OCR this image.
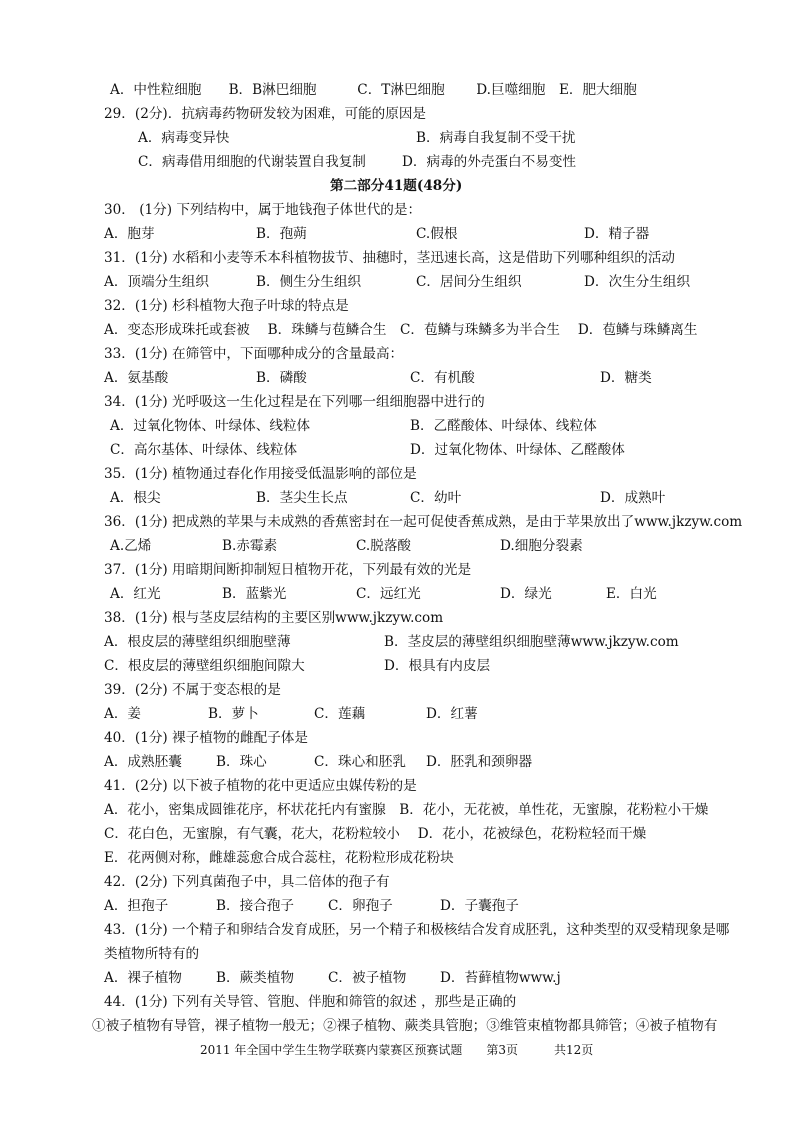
A．中性粒细胞　　B．B淋巴细胞　　　C．T淋巴细胞　　 D.巨噬细胞　E．肥大细胞
29．(2分)．抗病毒药物研发较为困难，可能的原因是
A．病毒变异快	B．病毒自我复制不受干扰
C．病毒借用细胞的代谢装置自我复制	D．病毒的外壳蛋白不易变性
第二部分41题(48分)
30． (1分) 下列结构中，属于地钱孢子体世代的是：
A．胞芽	B．孢蒴	C.假根	D．精子器
31．(1分) 水稻和小麦等禾本科植物拔节、抽穗时，茎迅速长高，这是借助下列哪种组织的活动
A．顶端分生组织	B．侧生分生组织	C．居间分生组织	D．次生分生组织
32．(1分) 杉科植物大孢子叶球的特点是
A．变态形成珠托或套被　 B．珠鳞与苞鳞合生　C．苞鳞与珠鳞多为半合生　 D．苞鳞与珠鳞离生
33．(1分) 在筛管中，下面哪种成分的含量最高：
A．氨基酸	B．磷酸	C．有机酸	D．糖类
34．(1分) 光呼吸这一生化过程是在下列哪一组细胞器中进行的
A．过氧化物体、叶绿体、线粒体	B．乙醛酸体、叶绿体、线粒体
C．高尔基体、叶绿体、线粒体	D．过氧化物体、叶绿体、乙醛酸体
35．(1分) 植物通过春化作用接受低温影响的部位是
A．根尖	B．茎尖生长点	C．幼叶	D．成熟叶
36．(1分) 把成熟的苹果与未成熟的香蕉密封在一起可促使香蕉成熟，是由于苹果放出了www.jkzyw.com
A.乙烯	B.赤霉素	C.脱落酸	D.细胞分裂素
37．(1分) 用暗期间断抑制短日植物开花，下列最有效的光是
A．红光	B．蓝紫光	C．远红光	D．绿光	E．白光
38．(1分) 根与茎皮层结构的主要区别www.jkzyw.com
A．根皮层的薄壁组织细胞壁薄	B．茎皮层的薄壁组织细胞壁薄www.jkzyw.com
C．根皮层的薄壁组织细胞间隙大	D．根具有内皮层
39．(2分) 不属于变态根的是
A．姜	B．萝卜	C．莲藕	D．红薯
40．(1分) 裸子植物的雌配子体是
A．成熟胚囊	B．珠心	C．珠心和胚乳 D．胚乳和颈卵器
41．(2分) 以下被子植物的花中更适应虫媒传粉的是
A．花小，密集成圆锥花序，杯状花托内有蜜腺　B．花小，无花被，单性花，无蜜腺，花粉粒小干燥
C．花白色，无蜜腺，有气囊，花大，花粉粒较小　 D．花小，花被绿色，花粉粒轻而干燥
E．花两侧对称，雌雄蕊愈合成合蕊柱，花粉粒形成花粉块
42．(2分) 下列真菌孢子中，具二倍体的孢子有
A．担孢子	B．接合孢子	C．卵孢子	D．子囊孢子
43．(1分) 一个精子和卵结合发育成胚，另一个精子和极核结合发育成胚乳，这种类型的双受精现象是哪
类植物所特有的
A．裸子植物	B．蕨类植物	C．被子植物 D．苔藓植物www.j
44．(1分) 下列有关导管、管胞、伴胞和筛管的叙述 ，那些是正确的
①被子植物有导管，裸子植物一般无；②裸子植物、蕨类具管胞；③维管束植物都具筛管；④被子植物有
2011 年全国中学生生物学联赛内蒙赛区预赛试题　　第3页　　　共12页
